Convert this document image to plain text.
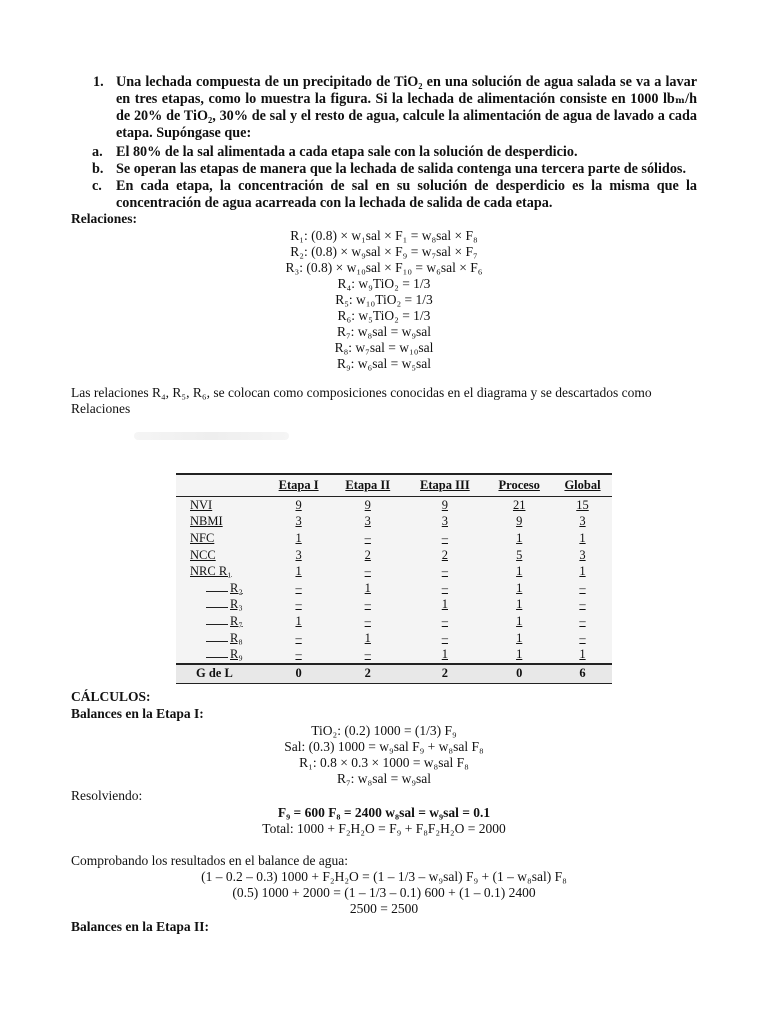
1. Una lechada compuesta de un precipitado de TiO₂ en una solución de agua salada se va a lavar en tres etapas, como lo muestra la figura. Si la lechada de alimentación consiste en 1000 lbₘ/h de 20% de TiO₂, 30% de sal y el resto de agua, calcule la alimentación de agua de lavado a cada etapa. Supóngase que:
a. El 80% de la sal alimentada a cada etapa sale con la solución de desperdicio.
b. Se operan las etapas de manera que la lechada de salida contenga una tercera parte de sólidos.
c. En cada etapa, la concentración de sal en su solución de desperdicio es la misma que la concentración de agua acarreada con la lechada de salida de cada etapa.
Relaciones:
R₁: (0.8) × w₁sal × F₁ = w₈sal × F₈
R₂: (0.8) × w₉sal × F₉ = w₇sal × F₇
R₃: (0.8) × w₁₀sal × F₁₀ = w₆sal × F₆
R₄: w₉TiO₂ = 1/3
R₅: w₁₀TiO₂ = 1/3
R₆: w₅TiO₂ = 1/3
R₇: w₈sal = w₉sal
R₈: w₇sal = w₁₀sal
R₉: w₆sal = w₅sal
Las relaciones R₄, R₅, R₆, se colocan como composiciones conocidas en el diagrama y se descartados como
Relaciones
	Etapa I	Etapa II	Etapa III	Proceso	Global
NVI	9	9	9	21	15
NBMI	3	3	3	9	3
NFC	1	–	–	1	1
NCC	3	2	2	5	3
NRC R₁	1	–	–	1	1
R₂	–	1	–	1	–
R₃	–	–	1	1	–
R₇	1	–	–	1	–
R₈	–	1	–	1	–
R₉	–	–	1	1	1
G de L	0	2	2	0	6
CÁLCULOS:
Balances en la Etapa I:
TiO₂: (0.2) 1000 = (1/3) F₉
Sal: (0.3) 1000 = w₉sal F₉ + w₈sal F₈
R₁: 0.8 × 0.3 × 1000 = w₈sal F₈
R₇: w₈sal = w₉sal
Resolviendo:
F₉ = 600 F₈ = 2400 w₈sal = w₉sal = 0.1
Total: 1000 + F₂H₂O = F₉ + F₈F₂H₂O = 2000
Comprobando los resultados en el balance de agua:
(1 – 0.2 – 0.3) 1000 + F₂H₂O = (1 – 1/3 – w₉sal) F₉ + (1 – w₈sal) F₈
(0.5) 1000 + 2000 = (1 – 1/3 – 0.1) 600 + (1 – 0.1) 2400
2500 = 2500
Balances en la Etapa II:
